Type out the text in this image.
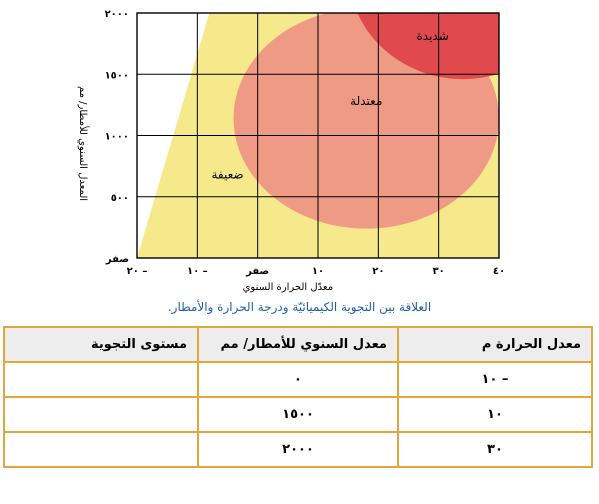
ضعيفة
معتدلة
شديدة
٢٠ –	١٠ –	صفر	١٠	٢٠	٣٠	٤٠
صفر
٥٠٠
١٠٠٠
١٥٠٠
٢٠٠٠
معدّل الحرارة السنوي
المعدل السنوي للأمطار/ مم
العلاقة بين التجوية الكيميائيّة ودرجة الحرارة والأمطار.
معدل الحرارة م	معدل السنوي للأمطار/ مم	مستوى التجوية
– ١٠	٠	
١٠	١٥٠٠	
٣٠	٢٠٠٠	
